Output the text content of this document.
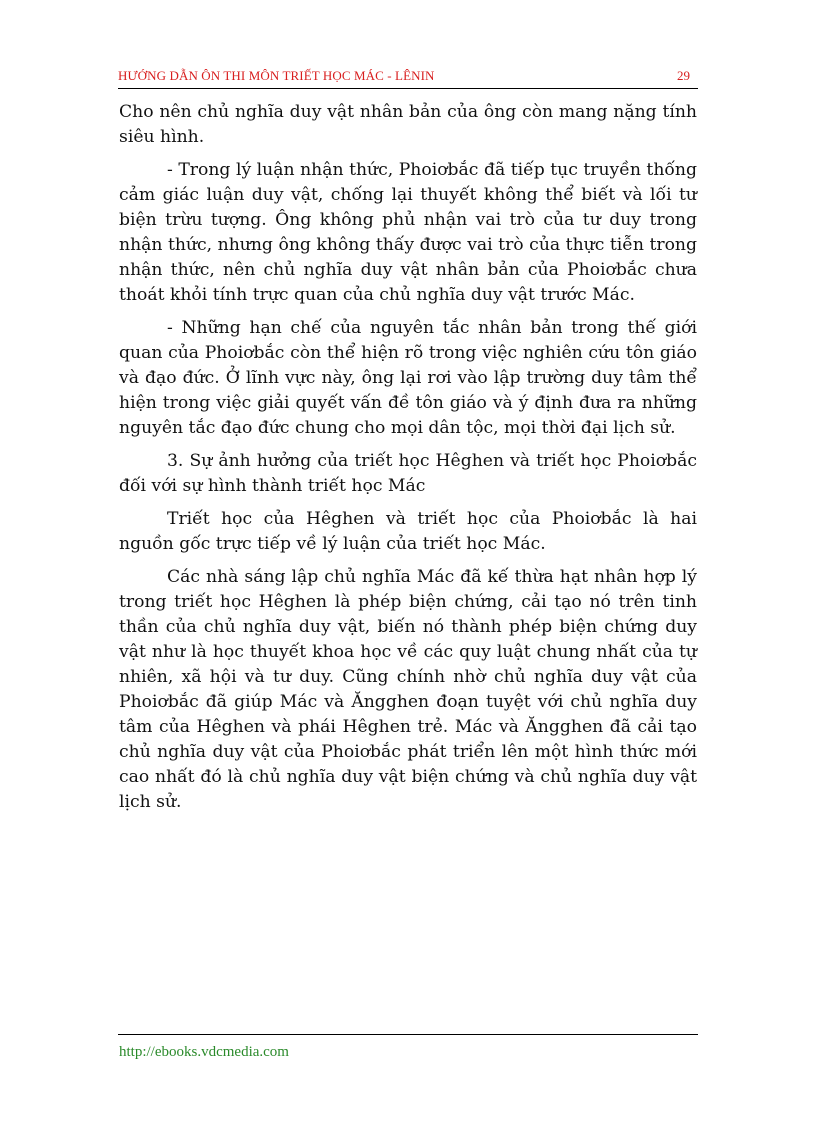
HƯỚNG DẪN ÔN THI MÔN TRIẾT HỌC MÁC - LÊNIN	29

Cho nên chủ nghĩa duy vật nhân bản của ông còn mang nặng tính siêu hình.

- Trong lý luận nhận thức, Phoiơbắc đã tiếp tục truyền thống cảm giác luận duy vật, chống lại thuyết không thể biết và lối tư biện trừu tượng. Ông không phủ nhận vai trò của tư duy trong nhận thức, nhưng ông không thấy được vai trò của thực tiễn trong nhận thức, nên chủ nghĩa duy vật nhân bản của Phoiơbắc chưa thoát khỏi tính trực quan của chủ nghĩa duy vật trước Mác.

- Những hạn chế của nguyên tắc nhân bản trong thế giới quan của Phoiơbắc còn thể hiện rõ trong việc nghiên cứu tôn giáo và đạo đức. Ở lĩnh vực này, ông lại rơi vào lập trường duy tâm thể hiện trong việc giải quyết vấn đề tôn giáo và ý định đưa ra những nguyên tắc đạo đức chung cho mọi dân tộc, mọi thời đại lịch sử.

3. Sự ảnh hưởng của triết học Hêghen và triết học Phoiơbắc đối với sự hình thành triết học Mác

Triết học của Hêghen và triết học của Phoiơbắc là hai nguồn gốc trực tiếp về lý luận của triết học Mác.

Các nhà sáng lập chủ nghĩa Mác đã kế thừa hạt nhân hợp lý trong triết học Hêghen là phép biện chứng, cải tạo nó trên tinh thần của chủ nghĩa duy vật, biến nó thành phép biện chứng duy vật như là học thuyết khoa học về các quy luật chung nhất của tự nhiên, xã hội và tư duy. Cũng chính nhờ chủ nghĩa duy vật của Phoiơbắc đã giúp Mác và Ăngghen đoạn tuyệt với chủ nghĩa duy tâm của Hêghen và phái Hêghen trẻ. Mác và Ăngghen đã cải tạo chủ nghĩa duy vật của Phoiơbắc phát triển lên một hình thức mới cao nhất đó là chủ nghĩa duy vật biện chứng và chủ nghĩa duy vật lịch sử.

http://ebooks.vdcmedia.com
